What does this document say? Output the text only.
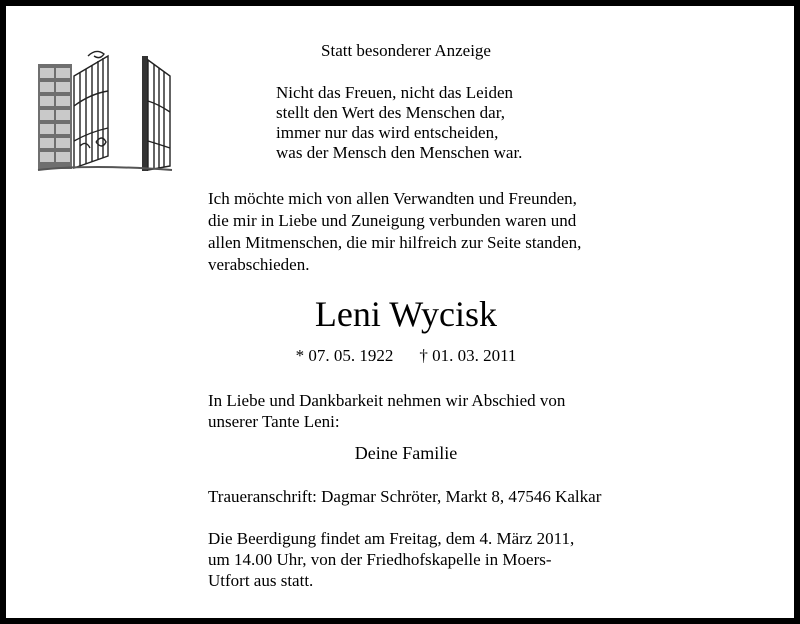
Statt besonderer Anzeige
Nicht das Freuen, nicht das Leiden
stellt den Wert des Menschen dar,
immer nur das wird entscheiden,
was der Mensch den Menschen war.
Ich möchte mich von allen Verwandten und Freunden,
die mir in Liebe und Zuneigung verbunden waren und
allen Mitmenschen, die mir hilfreich zur Seite standen,
verabschieden.
Leni Wycisk
* 07. 05. 1922 † 01. 03. 2011
In Liebe und Dankbarkeit nehmen wir Abschied von
unserer Tante Leni:
Deine Familie
Traueranschrift: Dagmar Schröter, Markt 8, 47546 Kalkar
Die Beerdigung findet am Freitag, dem 4. März 2011,
um 14.00 Uhr, von der Friedhofskapelle in Moers-
Utfort aus statt.
